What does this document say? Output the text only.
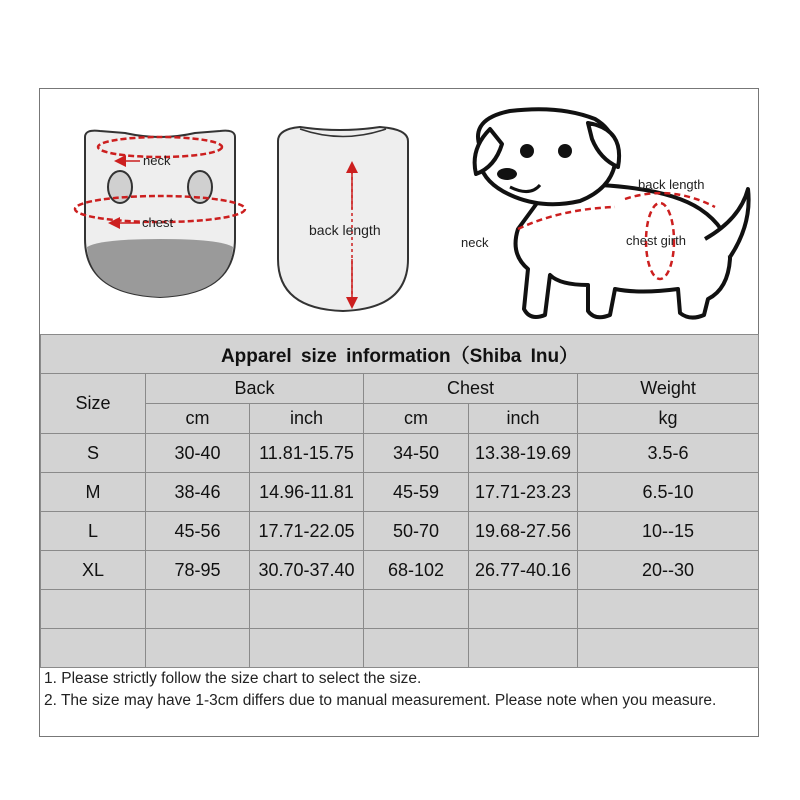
neck
chest	back length
back length
neck	chest girth
Apparel size information（Shiba Inu）					
Size	Back		Chest		Weight
	cm	inch	cm	inch	kg
S	30-40	11.81-15.75	34-50	13.38-19.69	3.5-6
M	38-46	14.96-11.81	45-59	17.71-23.23	6.5-10
L	45-56	17.71-22.05	50-70	19.68-27.56	10--15
XL	78-95	30.70-37.40	68-102	26.77-40.16	20--30

1. Please strictly follow the size chart to select the size.
2. The size may have 1-3cm differs due to manual measurement. Please note when you measure.
